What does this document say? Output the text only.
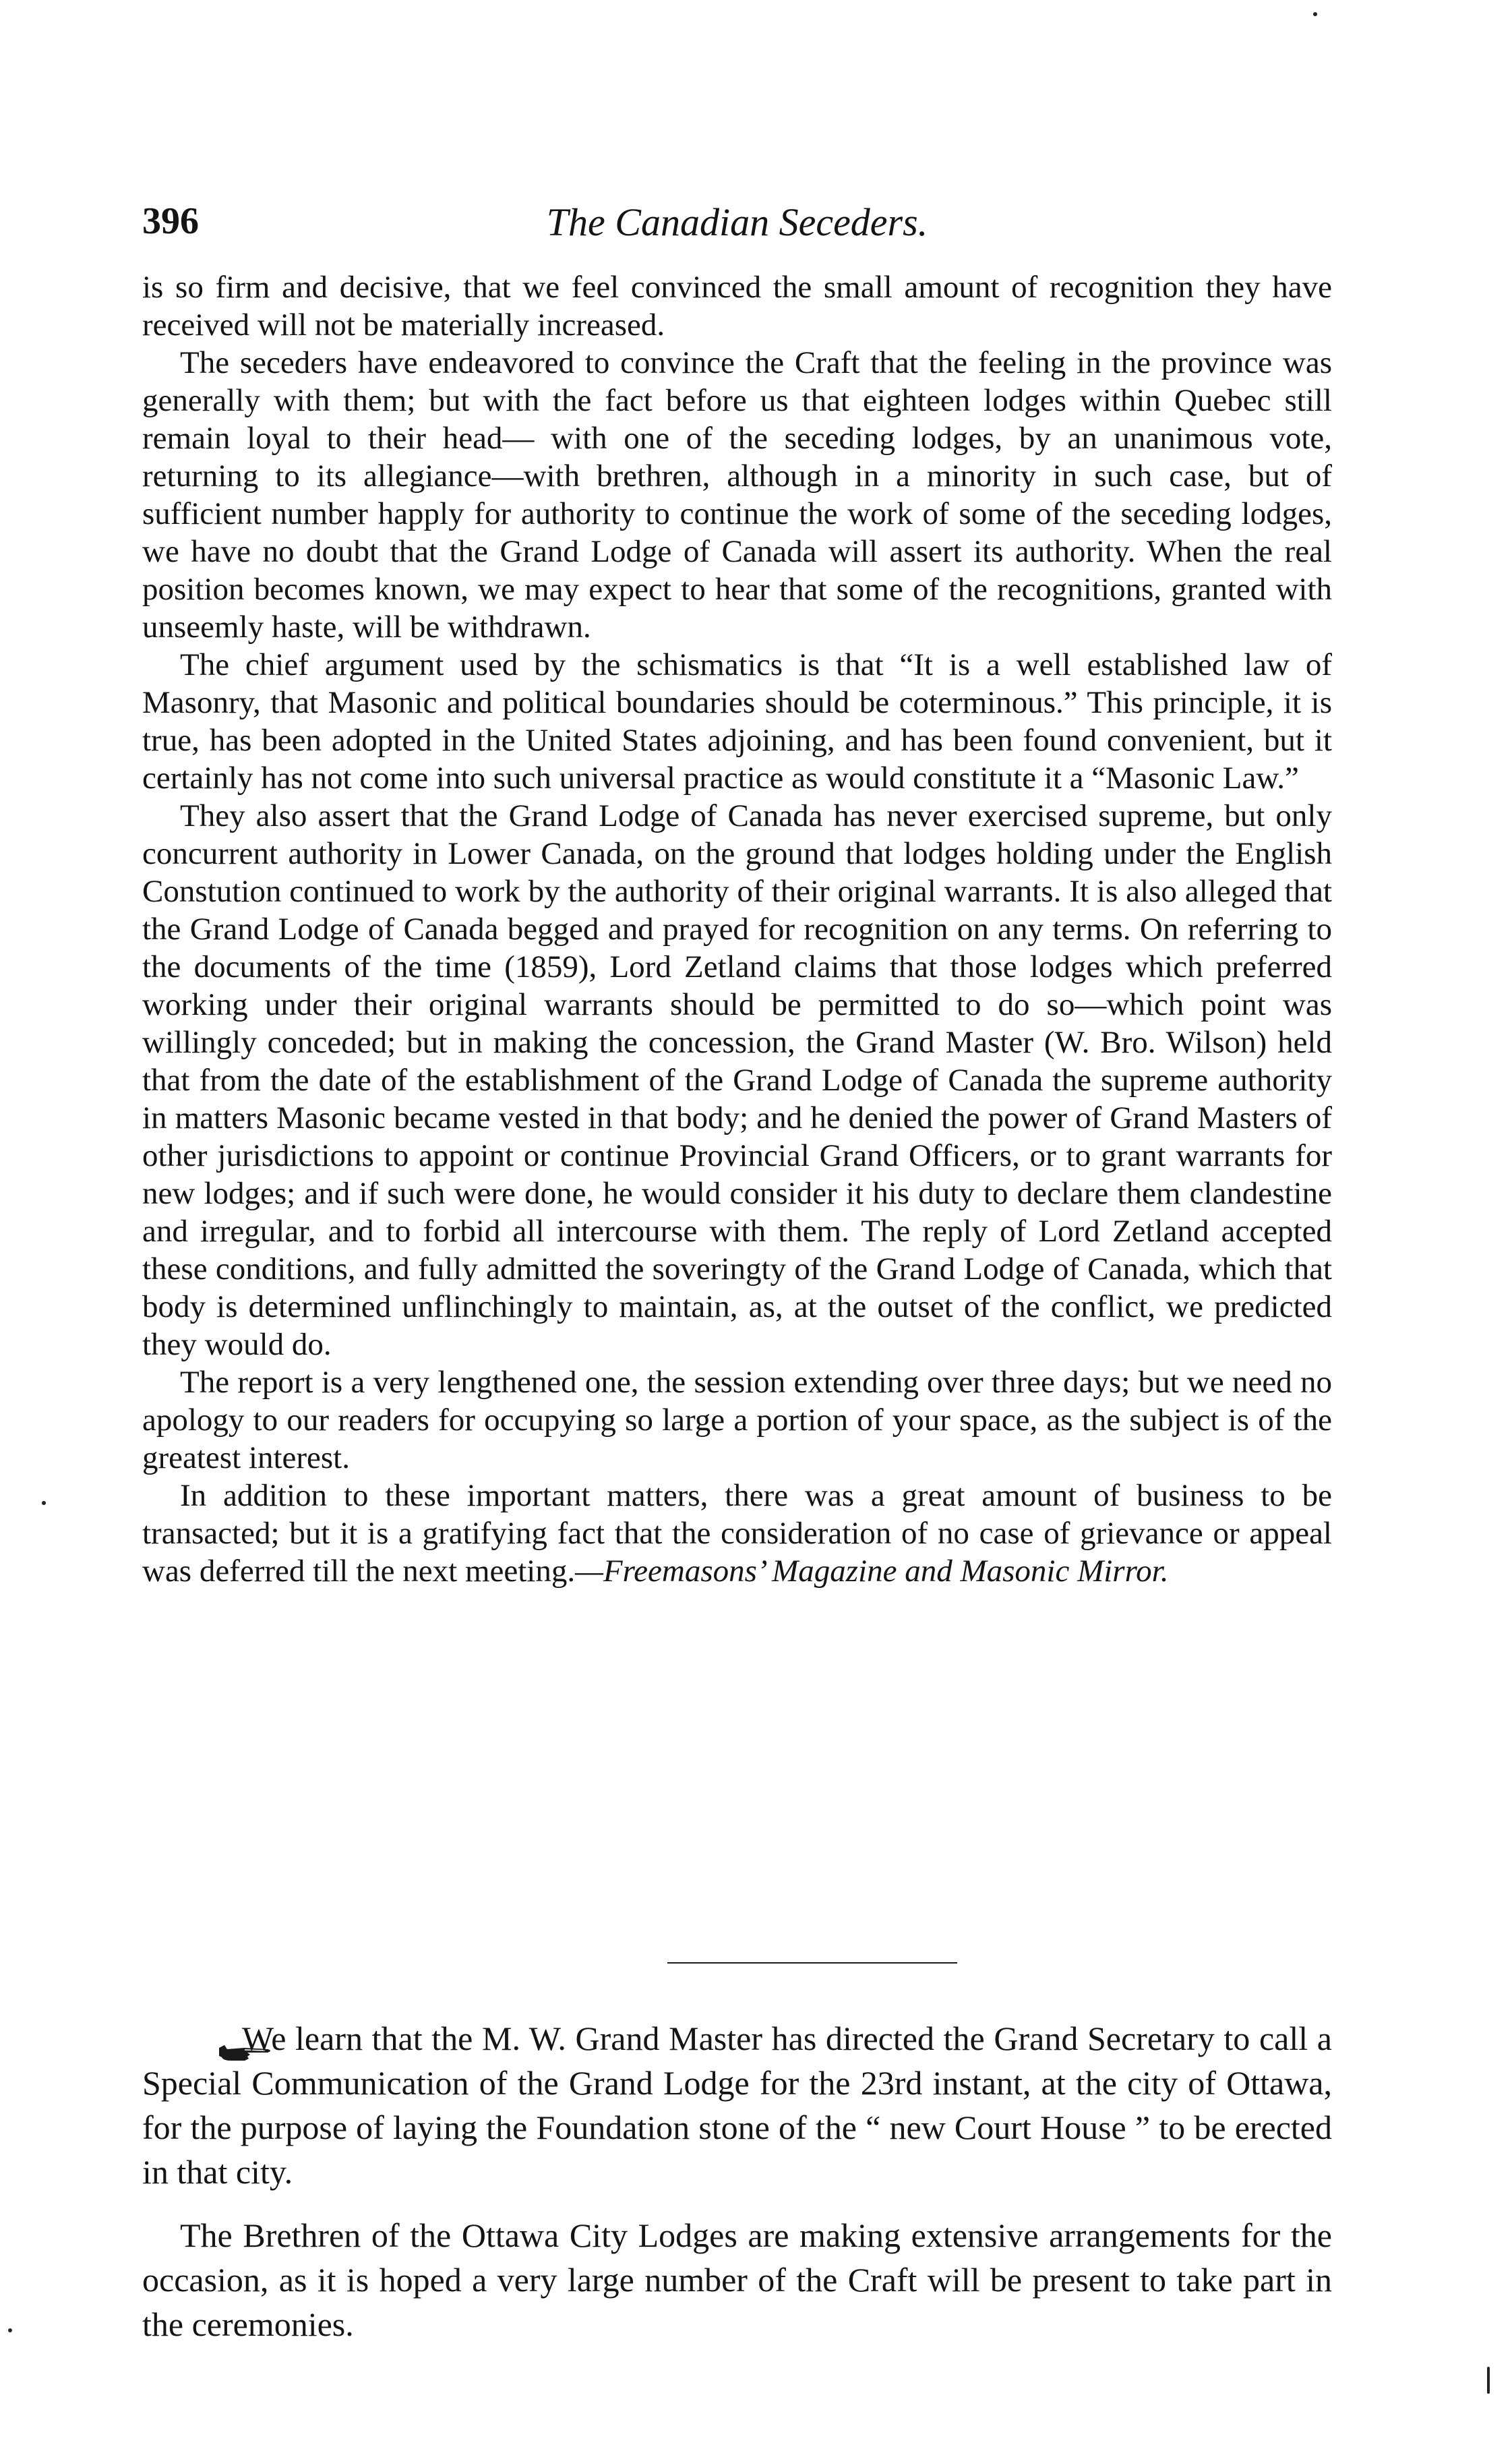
396	The Canadian Seceders.

is so firm and decisive, that we feel convinced the small amount of recognition they have received will not be materially increased.

The seceders have endeavored to convince the Craft that the feeling in the province was generally with them; but with the fact before us that eighteen lodges within Quebec still remain loyal to their head— with one of the seceding lodges, by an unanimous vote, returning to its allegiance—with brethren, although in a minority in such case, but of sufficient number happly for authority to continue the work of some of the seceding lodges, we have no doubt that the Grand Lodge of Canada will assert its authority. When the real position becomes known, we may expect to hear that some of the recognitions, granted with unseemly haste, will be withdrawn.

The chief argument used by the schismatics is that “It is a well established law of Masonry, that Masonic and political boundaries should be coterminous.” This principle, it is true, has been adopted in the United States adjoining, and has been found convenient, but it certainly has not come into such universal practice as would constitute it a “Masonic Law.”

They also assert that the Grand Lodge of Canada has never exercised supreme, but only concurrent authority in Lower Canada, on the ground that lodges holding under the English Constution continued to work by the authority of their original warrants. It is also alleged that the Grand Lodge of Canada begged and prayed for recognition on any terms. On referring to the documents of the time (1859), Lord Zetland claims that those lodges which preferred working under their original warrants should be permitted to do so—which point was willingly conceded; but in making the concession, the Grand Master (W. Bro. Wilson) held that from the date of the establishment of the Grand Lodge of Canada the supreme authority in matters Masonic became vested in that body; and he denied the power of Grand Masters of other jurisdictions to appoint or continue Provincial Grand Officers, or to grant warrants for new lodges; and if such were done, he would consider it his duty to declare them clandestine and irregular, and to forbid all intercourse with them. The reply of Lord Zetland accepted these conditions, and fully admitted the soveringty of the Grand Lodge of Canada, which that body is determined unflinchingly to maintain, as, at the outset of the conflict, we predicted they would do.

The report is a very lengthened one, the session extending over three days; but we need no apology to our readers for occupying so large a portion of your space, as the subject is of the greatest interest.

In addition to these important matters, there was a great amount of business to be transacted; but it is a gratifying fact that the consideration of no case of grievance or appeal was deferred till the next meeting.—Freemasons’ Magazine and Masonic Mirror.

We learn that the M. W. Grand Master has directed the Grand Secretary to call a Special Communication of the Grand Lodge for the 23rd instant, at the city of Ottawa, for the purpose of laying the Foundation stone of the “ new Court House ” to be erected in that city.

The Brethren of the Ottawa City Lodges are making extensive arrangements for the occasion, as it is hoped a very large number of the Craft will be present to take part in the ceremonies.
